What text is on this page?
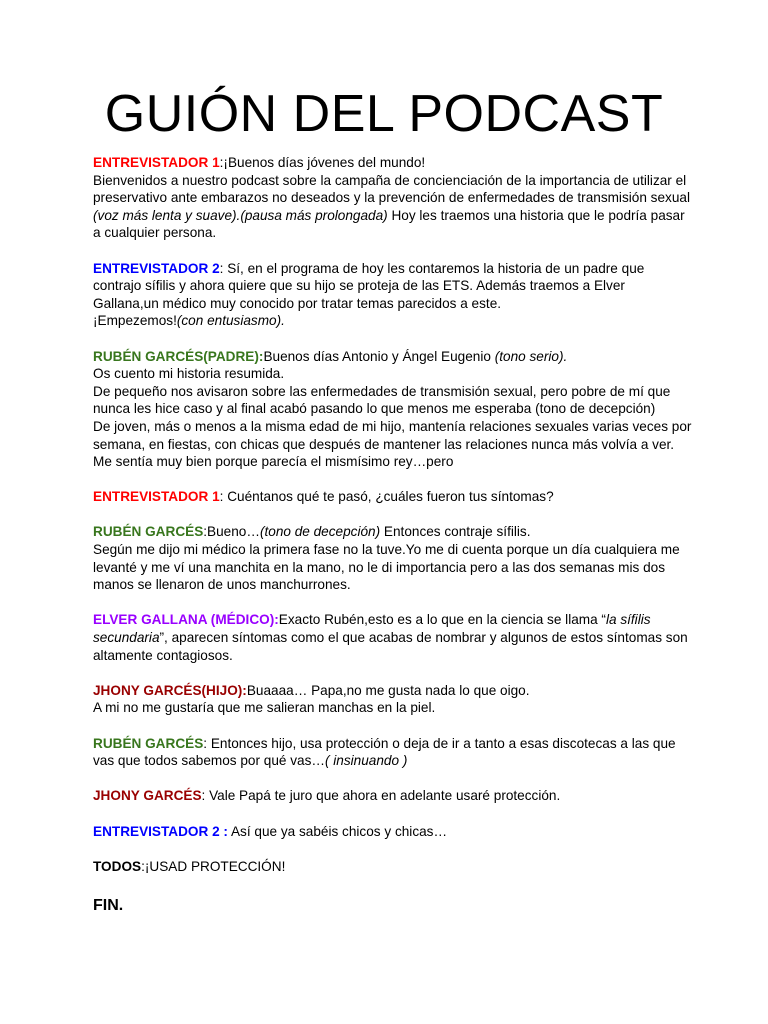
GUIÓN DEL PODCAST

ENTREVISTADOR 1:¡Buenos días jóvenes del mundo!
Bienvenidos a nuestro podcast sobre la campaña de concienciación de la importancia de utilizar el preservativo ante embarazos no deseados y la prevención de enfermedades de transmisión sexual (voz más lenta y suave).(pausa más prolongada) Hoy les traemos una historia que le podría pasar a cualquier persona.

ENTREVISTADOR 2: Sí, en el programa de hoy les contaremos la historia de un padre que contrajo sífilis y ahora quiere que su hijo se proteja de las ETS. Además traemos a Elver Gallana,un médico muy conocido por tratar temas parecidos a este.
¡Empezemos!(con entusiasmo).

RUBÉN GARCÉS(PADRE):Buenos días Antonio y Ángel Eugenio (tono serio).
Os cuento mi historia resumida.
De pequeño nos avisaron sobre las enfermedades de transmisión sexual, pero pobre de mí que nunca les hice caso y al final acabó pasando lo que menos me esperaba (tono de decepción)
De joven, más o menos a la misma edad de mi hijo, mantenía relaciones sexuales varias veces por semana, en fiestas, con chicas que después de mantener las relaciones nunca más volvía a ver. Me sentía muy bien porque parecía el mismísimo rey…pero

ENTREVISTADOR 1: Cuéntanos qué te pasó, ¿cuáles fueron tus síntomas?

RUBÉN GARCÉS:Bueno…(tono de decepción) Entonces contraje sífilis.
Según me dijo mi médico la primera fase no la tuve.Yo me di cuenta porque un día cualquiera me levanté y me ví una manchita en la mano, no le di importancia pero a las dos semanas mis dos manos se llenaron de unos manchurrones.

ELVER GALLANA (MÉDICO):Exacto Rubén,esto es a lo que en la ciencia se llama “la sífilis secundaria”, aparecen síntomas como el que acabas de nombrar y algunos de estos síntomas son altamente contagiosos.

JHONY GARCÉS(HIJO):Buaaaa… Papa,no me gusta nada lo que oigo.
A mi no me gustaría que me salieran manchas en la piel.

RUBÉN GARCÉS: Entonces hijo, usa protección o deja de ir a tanto a esas discotecas a las que vas que todos sabemos por qué vas…( insinuando )

JHONY GARCÉS: Vale Papá te juro que ahora en adelante usaré protección.

ENTREVISTADOR 2 : Así que ya sabéis chicos y chicas…

TODOS:¡USAD PROTECCIÓN!

FIN.
